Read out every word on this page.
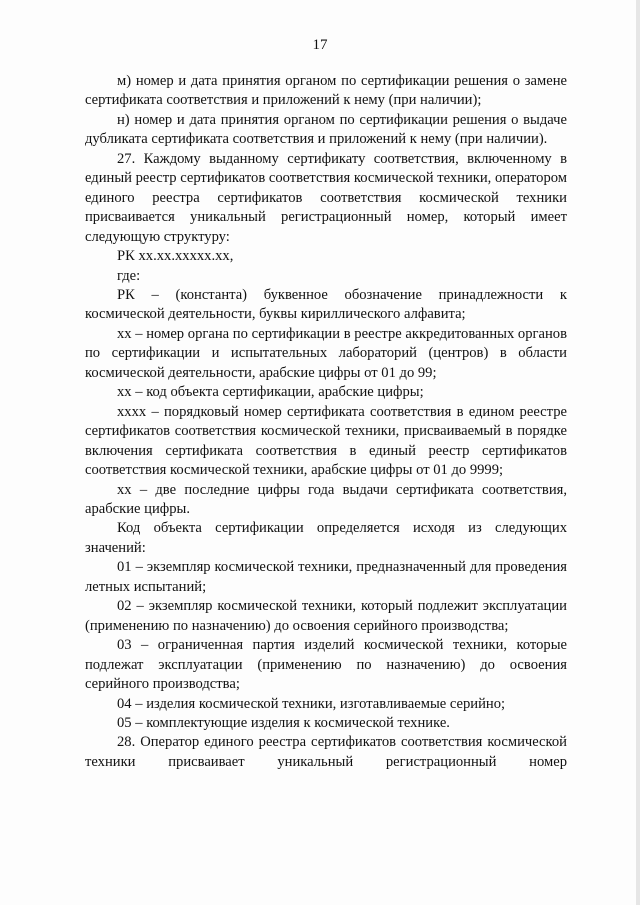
17

м) номер и дата принятия органом по сертификации решения о замене сертификата соответствия и приложений к нему (при наличии);

н) номер и дата принятия органом по сертификации решения о выдаче дубликата сертификата соответствия и приложений к нему (при наличии).

27. Каждому выданному сертификату соответствия, включенному в единый реестр сертификатов соответствия космической техники, оператором единого реестра сертификатов соответствия космической техники присваивается уникальный регистрационный номер, который имеет следующую структуру:

РК хх.хх.ххххх.хх,

где:

РК – (константа) буквенное обозначение принадлежности к космической деятельности, буквы кириллического алфавита;

хх – номер органа по сертификации в реестре аккредитованных органов по сертификации и испытательных лабораторий (центров) в области космической деятельности, арабские цифры от 01 до 99;

хх – код объекта сертификации, арабские цифры;

хххх – порядковый номер сертификата соответствия в едином реестре сертификатов соответствия космической техники, присваиваемый в порядке включения сертификата соответствия в единый реестр сертификатов соответствия космической техники, арабские цифры от 01 до 9999;

хх – две последние цифры года выдачи сертификата соответствия, арабские цифры.

Код объекта сертификации определяется исходя из следующих значений:

01 – экземпляр космической техники, предназначенный для проведения летных испытаний;

02 – экземпляр космической техники, который подлежит эксплуатации (применению по назначению) до освоения серийного производства;

03 – ограниченная партия изделий космической техники, которые подлежат эксплуатации (применению по назначению) до освоения серийного производства;

04 – изделия космической техники, изготавливаемые серийно;

05 – комплектующие изделия к космической технике.

28. Оператор единого реестра сертификатов соответствия космической техники присваивает уникальный регистрационный номер
